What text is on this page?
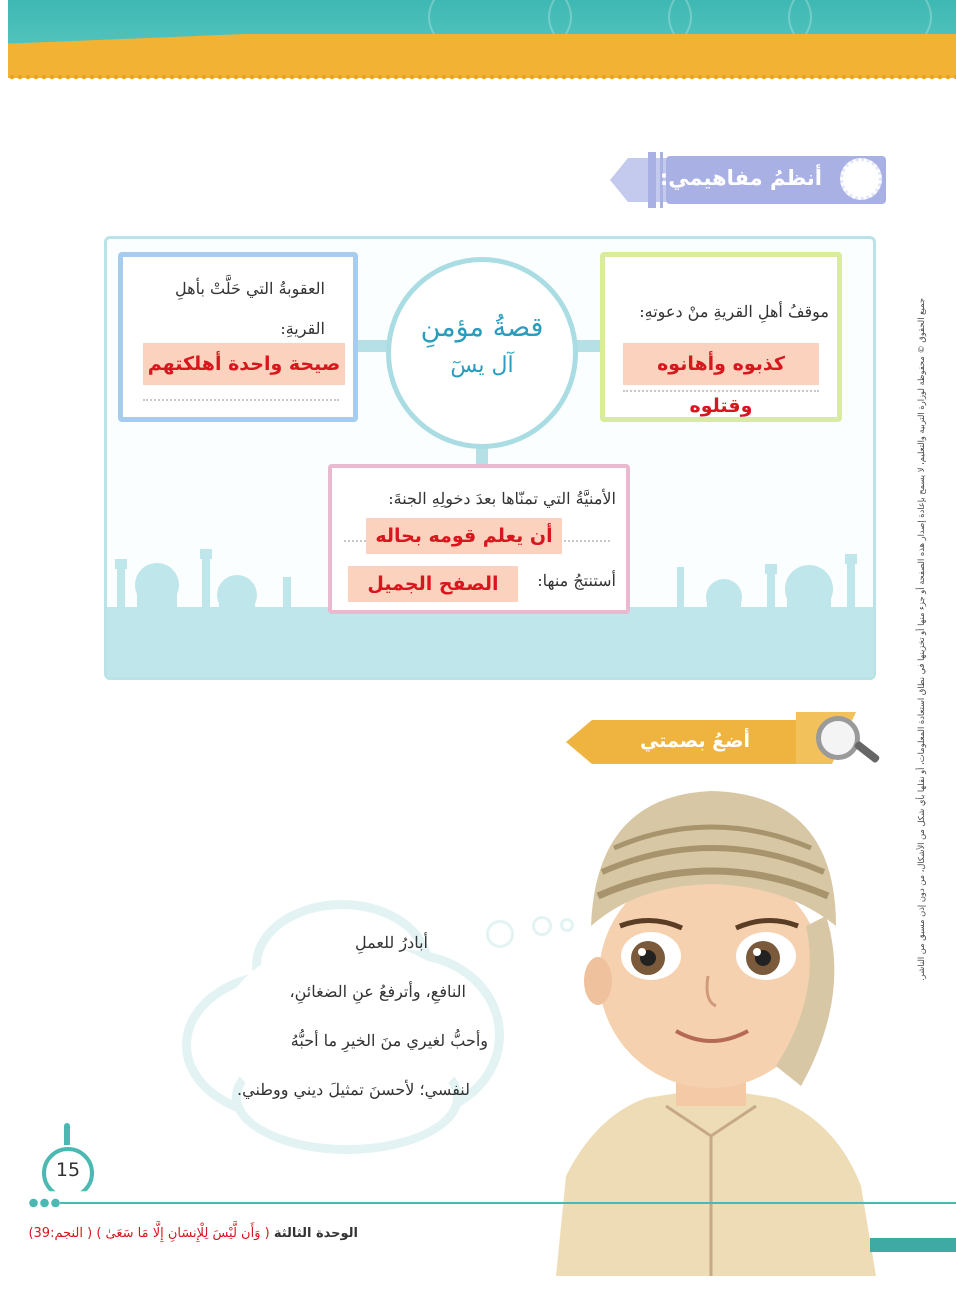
أنظمُ مفاهيمي:
قصةُ مؤمنِ
آل يسٓ
موقفُ أهلِ القريةِ منْ دعوتهِ:
كذبوه وأهانوه وقتلوه
العقوبةُ التي حَلَّتْ بأهلِ القريةِ:
صيحة واحدة أهلكتهم
الأمنيَّةُ التي تمنّاها بعدَ دخولِهِ الجنةَ:
أن يعلم قومه بحاله
أستنتجُ منها:
الصفح الجميل
أضعُ بصمتي
أبادرُ للعملِ
النافعِ، وأترفعُ عنِ الضغائنِ،
وأحبُّ لغيري منَ الخيرِ ما أحبُّهُ
لنفسي؛ لأحسنَ تمثيلَ ديني ووطني.
15
الوحدة الثالثة ( وَأَن لَّيْسَ لِلْإِنسَانِ إِلَّا مَا سَعَىٰ ) ( النجم:39)
جميع الحقوق © محفوظة لوزارة التربية والتعليم، لا يسمح بإعادة إصدار هذه الصفحة أو جزء منها أو تخزينها في نطاق استعادة المعلومات، أو نقلها بأي شكل من الأشكال، من دون إذن مسبق من الناشر.
